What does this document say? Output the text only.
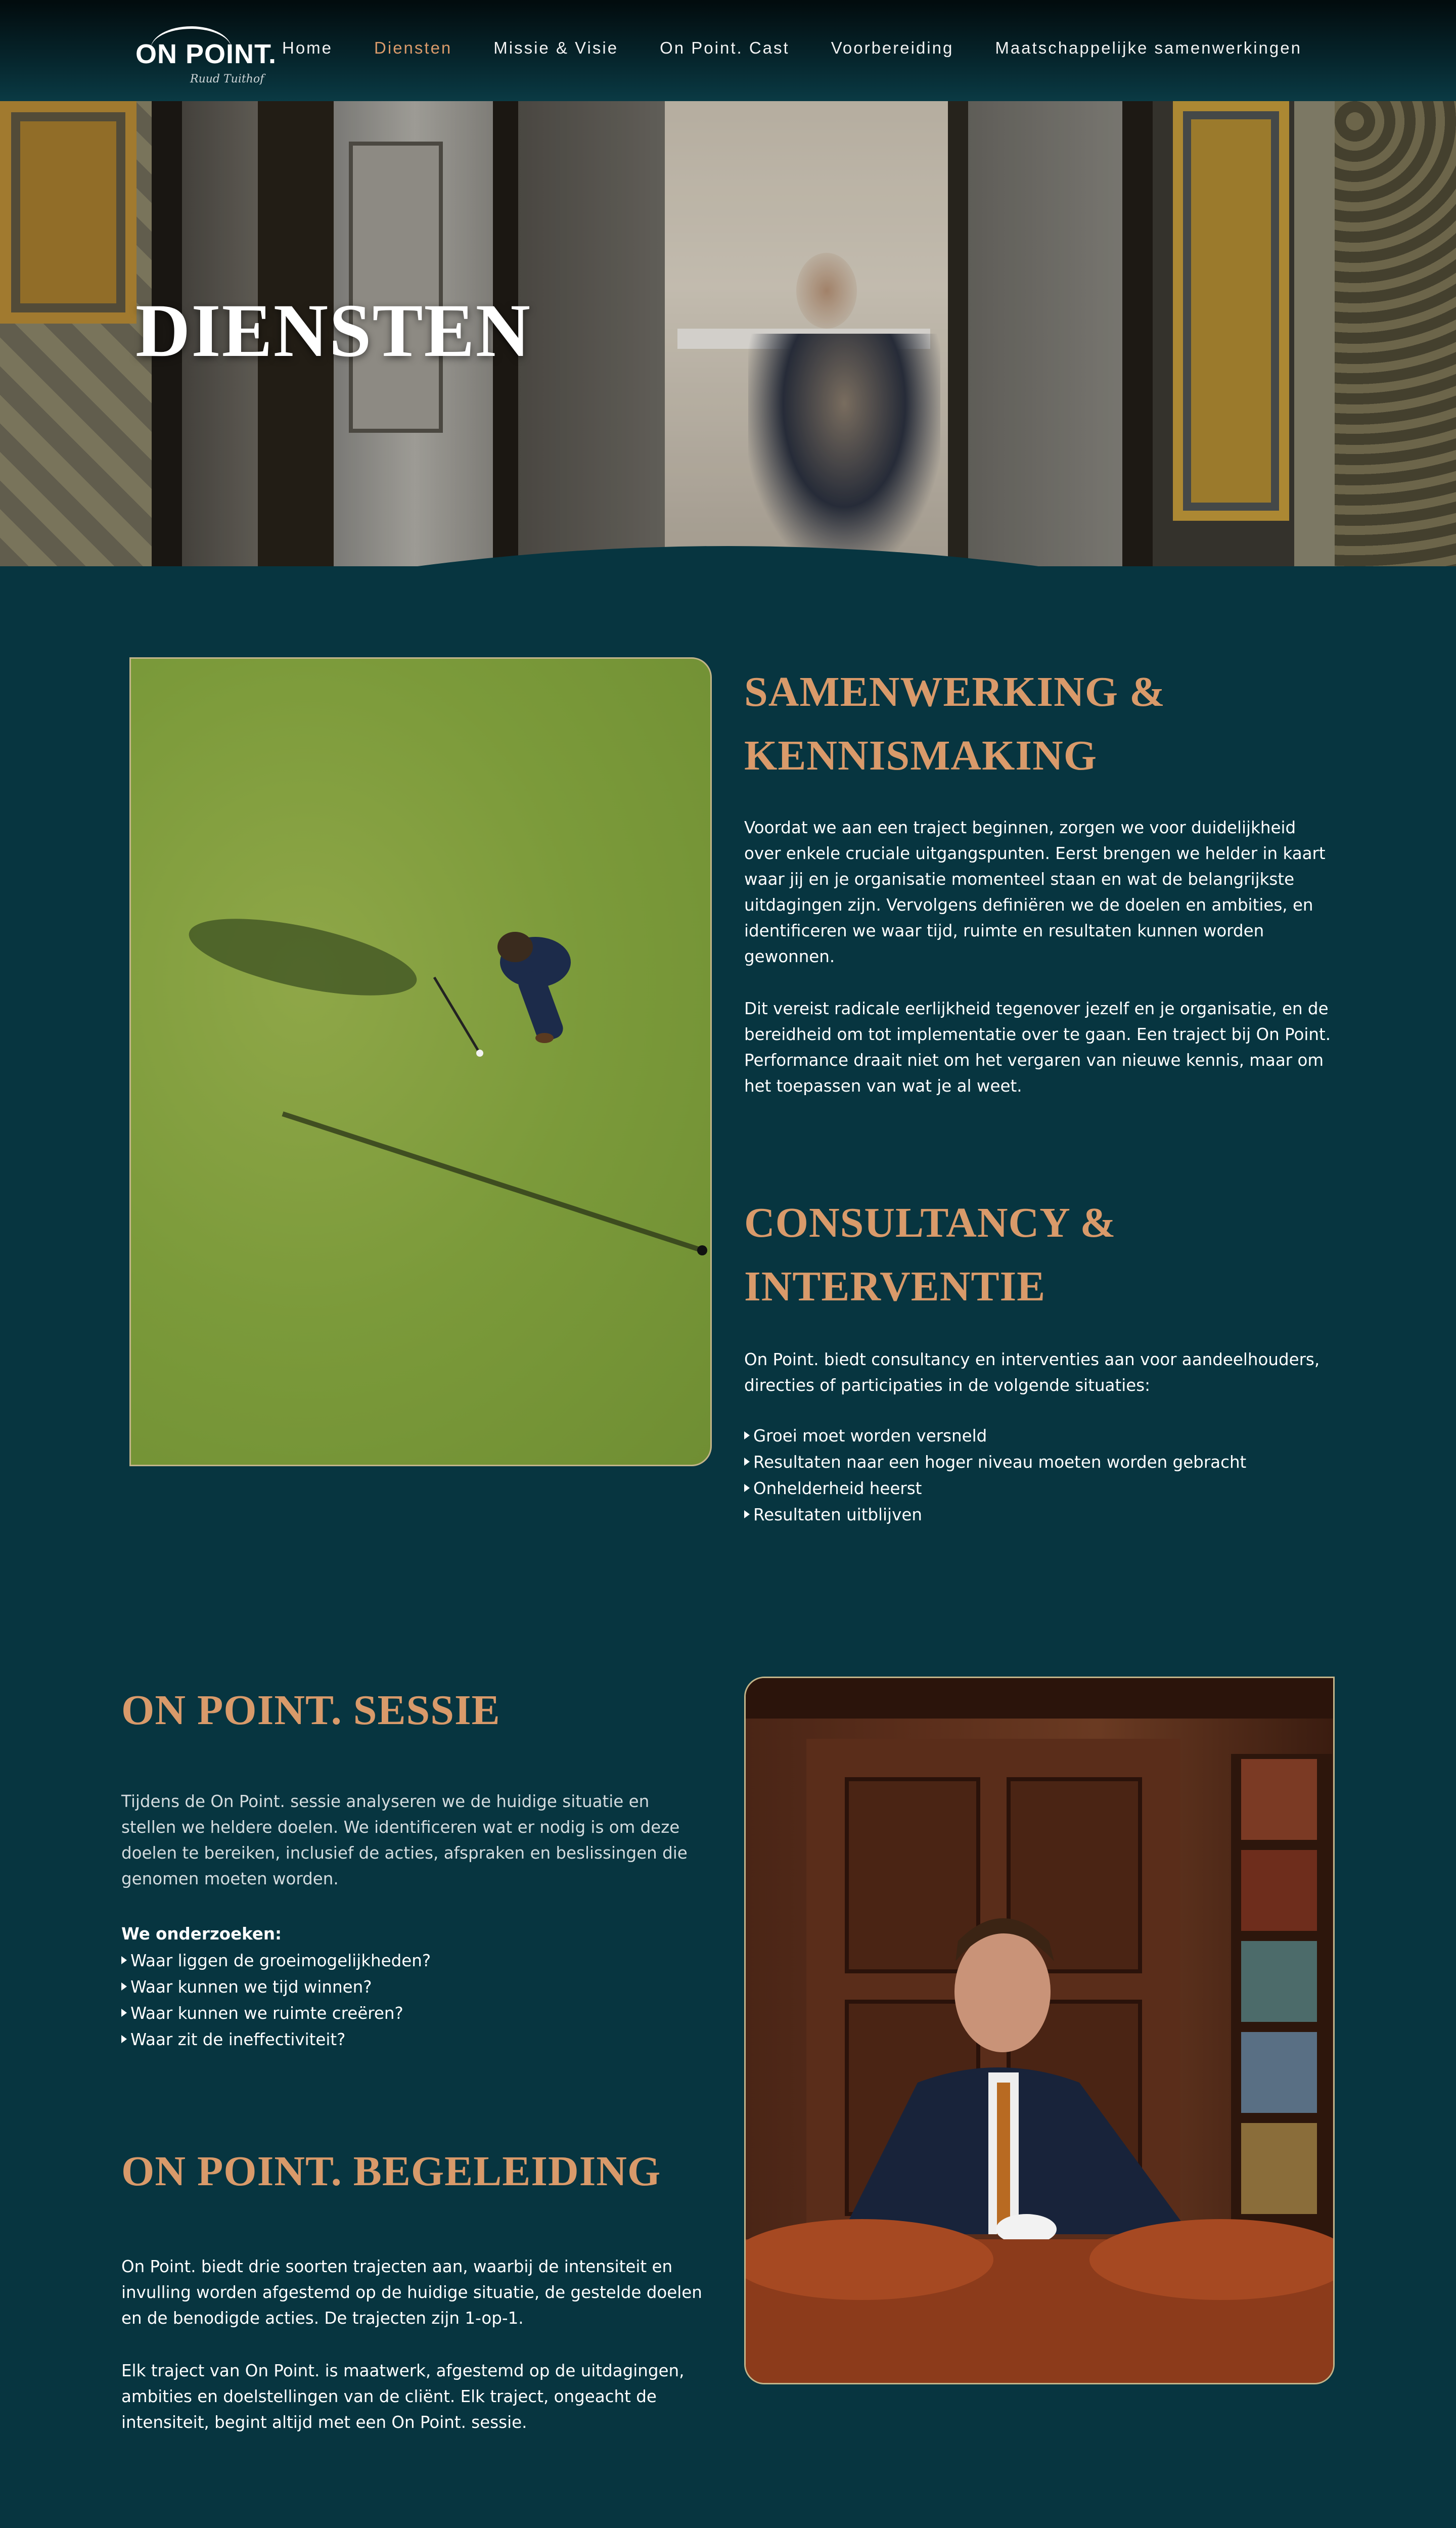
ON POINT.
Ruud Tuithof
Home Diensten Missie & Visie On Point. Cast Voorbereiding Maatschappelijke samenwerkingen
DIENSTEN
SAMENWERKING &
KENNISMAKING

Voordat we aan een traject beginnen, zorgen we voor duidelijkheid over enkele cruciale uitgangspunten. Eerst brengen we helder in kaart waar jij en je organisatie momenteel staan en wat de belangrijkste uitdagingen zijn. Vervolgens definiëren we de doelen en ambities, en identificeren we waar tijd, ruimte en resultaten kunnen worden gewonnen.

Dit vereist radicale eerlijkheid tegenover jezelf en je organisatie, en de bereidheid om tot implementatie over te gaan. Een traject bij On Point. Performance draait niet om het vergaren van nieuwe kennis, maar om het toepassen van wat je al weet.

CONSULTANCY &
INTERVENTIE

On Point. biedt consultancy en interventies aan voor aandeelhouders, directies of participaties in de volgende situaties:

Groei moet worden versneld
Resultaten naar een hoger niveau moeten worden gebracht
Onhelderheid heerst
Resultaten uitblijven
ON POINT. SESSIE

Tijdens de On Point. sessie analyseren we de huidige situatie en stellen we heldere doelen. We identificeren wat er nodig is om deze doelen te bereiken, inclusief de acties, afspraken en beslissingen die genomen moeten worden.

We onderzoeken:

Waar liggen de groeimogelijkheden?
Waar kunnen we tijd winnen?
Waar kunnen we ruimte creëren?
Waar zit de ineffectiviteit?
ON POINT. BEGELEIDING

On Point. biedt drie soorten trajecten aan, waarbij de intensiteit en invulling worden afgestemd op de huidige situatie, de gestelde doelen en de benodigde acties. De trajecten zijn 1-op-1.

Elk traject van On Point. is maatwerk, afgestemd op de uitdagingen, ambities en doelstellingen van de cliënt. Elk traject, ongeacht de intensiteit, begint altijd met een On Point. sessie.
